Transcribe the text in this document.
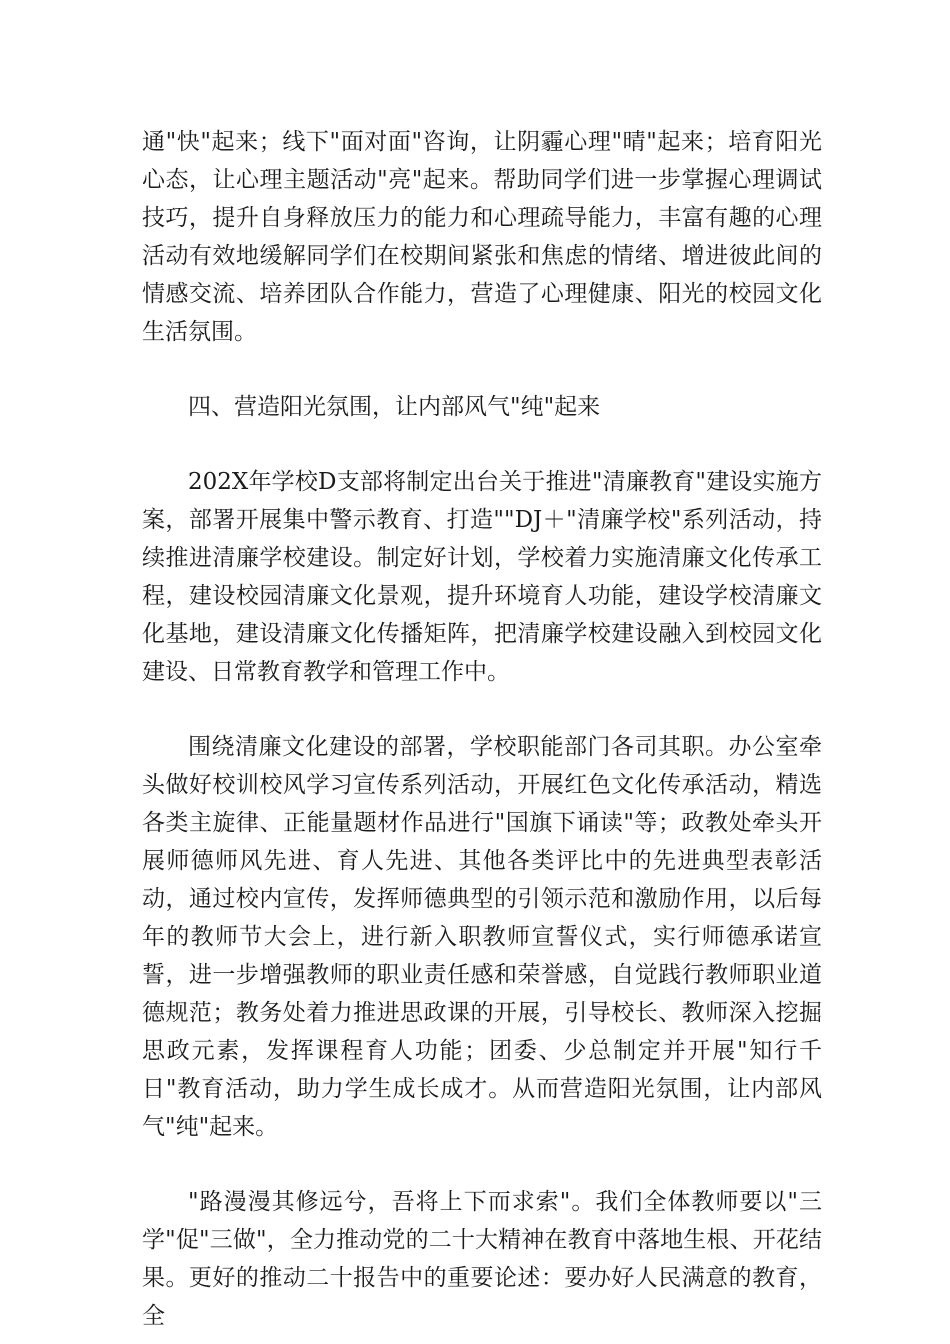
通"快"起来；线下"面对面"咨询，让阴霾心理"晴"起来；培育阳光心态，让心理主题活动"亮"起来。帮助同学们进一步掌握心理调试技巧，提升自身释放压力的能力和心理疏导能力，丰富有趣的心理活动有效地缓解同学们在校期间紧张和焦虑的情绪、增进彼此间的情感交流、培养团队合作能力，营造了心理健康、阳光的校园文化生活氛围。

四、营造阳光氛围，让内部风气"纯"起来

202X年学校D支部将制定出台关于推进"清廉教育"建设实施方案，部署开展集中警示教育、打造""DJ＋"清廉学校"系列活动，持续推进清廉学校建设。制定好计划，学校着力实施清廉文化传承工程，建设校园清廉文化景观，提升环境育人功能，建设学校清廉文化基地，建设清廉文化传播矩阵，把清廉学校建设融入到校园文化建设、日常教育教学和管理工作中。

围绕清廉文化建设的部署，学校职能部门各司其职。办公室牵头做好校训校风学习宣传系列活动，开展红色文化传承活动，精选各类主旋律、正能量题材作品进行"国旗下诵读"等；政教处牵头开展师德师风先进、育人先进、其他各类评比中的先进典型表彰活动，通过校内宣传，发挥师德典型的引领示范和激励作用，以后每年的教师节大会上，进行新入职教师宣誓仪式，实行师德承诺宣誓，进一步增强教师的职业责任感和荣誉感，自觉践行教师职业道德规范；教务处着力推进思政课的开展，引导校长、教师深入挖掘思政元素，发挥课程育人功能；团委、少总制定并开展"知行千日"教育活动，助力学生成长成才。从而营造阳光氛围，让内部风气"纯"起来。

"路漫漫其修远兮，吾将上下而求索"。我们全体教师要以"三学"促"三做"，全力推动党的二十大精神在教育中落地生根、开花结果。更好的推动二十报告中的重要论述：要办好人民满意的教育，全
